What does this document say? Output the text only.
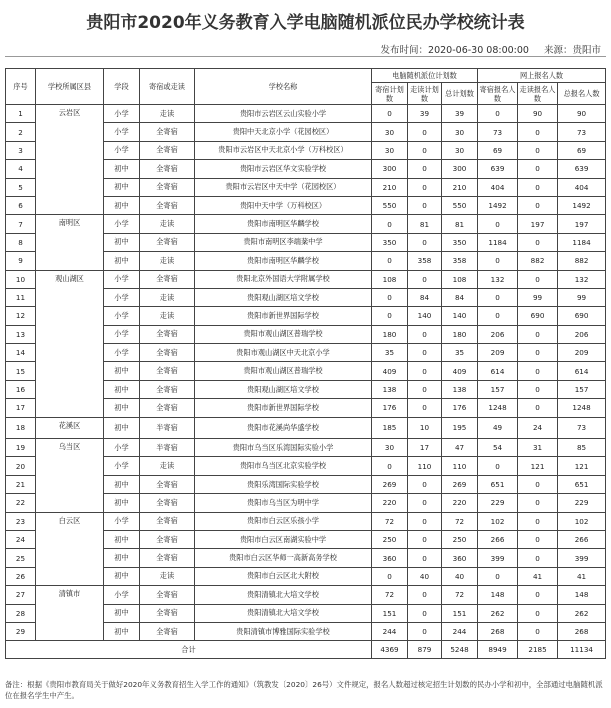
贵阳市2020年义务教育入学电脑随机派位民办学校统计表
发布时间：2020-06-30 08:00:00 来源：贵阳市
序号	学校所属区县	学段	寄宿或走读	学校名称	电脑随机派位计划数			网上报名人数		
					寄宿计划数	走读计划数	总计划数	寄宿报名人数	走读报名人数	总报名人数
1	云岩区	小学	走读	贵阳市云岩区云山实验小学	0	39	39	0	90	90
2		小学	全寄宿	贵阳中天北京小学（花园校区）	30	0	30	73	0	73
3		小学	全寄宿	贵阳市云岩区中天北京小学（万科校区）	30	0	30	69	0	69
4		初中	全寄宿	贵阳市云岩区华文实验学校	300	0	300	639	0	639
5		初中	全寄宿	贵阳市云岩区中天中学（花园校区）	210	0	210	404	0	404
6		初中	全寄宿	贵阳中天中学（万科校区）	550	0	550	1492	0	1492
7	南明区	小学	走读	贵阳市南明区华麟学校	0	81	81	0	197	197
8		初中	全寄宿	贵阳市南明区李端棻中学	350	0	350	1184	0	1184
9		初中	走读	贵阳市南明区华麟学校	0	358	358	0	882	882
10	观山湖区	小学	全寄宿	贵阳北京外国语大学附属学校	108	0	108	132	0	132
11		小学	走读	贵阳观山湖区培文学校	0	84	84	0	99	99
12		小学	走读	贵阳市新世界国际学校	0	140	140	0	690	690
13		小学	全寄宿	贵阳市观山湖区普瑞学校	180	0	180	206	0	206
14		小学	全寄宿	贵阳市观山湖区中天北京小学	35	0	35	209	0	209
15		初中	全寄宿	贵阳市观山湖区普瑞学校	409	0	409	614	0	614
16		初中	全寄宿	贵阳观山湖区培文学校	138	0	138	157	0	157
17		初中	全寄宿	贵阳市新世界国际学校	176	0	176	1248	0	1248
18	花溪区	初中	半寄宿	贵阳市花溪尚华盛学校	185	10	195	49	24	73
19	乌当区	小学	半寄宿	贵阳市乌当区乐湾国际实验小学	30	17	47	54	31	85
20		小学	走读	贵阳市乌当区北京实验学校	0	110	110	0	121	121
21		初中	全寄宿	贵阳乐湾国际实验学校	269	0	269	651	0	651
22		初中	全寄宿	贵阳市乌当区为明中学	220	0	220	229	0	229
23	白云区	小学	全寄宿	贵阳市白云区乐孩小学	72	0	72	102	0	102
24		初中	全寄宿	贵阳市白云区南湖实验中学	250	0	250	266	0	266
25		初中	全寄宿	贵阳市白云区华师一高新高务学校	360	0	360	399	0	399
26		初中	走读	贵阳市白云区北大附校	0	40	40	0	41	41
27	清镇市	小学	全寄宿	贵阳清镇北大培文学校	72	0	72	148	0	148
28		初中	全寄宿	贵阳清镇北大培文学校	151	0	151	262	0	262
29		初中	全寄宿	贵阳清镇市博雅国际实验学校	244	0	244	268	0	268
合计					4369	879	5248	8949	2185	11134
备注：根据《贵阳市教育局关于做好2020年义务教育招生入学工作的通知》（筑教发〔2020〕26号）文件规定，报名人数超过核定招生计划数的民办小学和初中，全部通过电脑随机派位在报名学生中产生。
